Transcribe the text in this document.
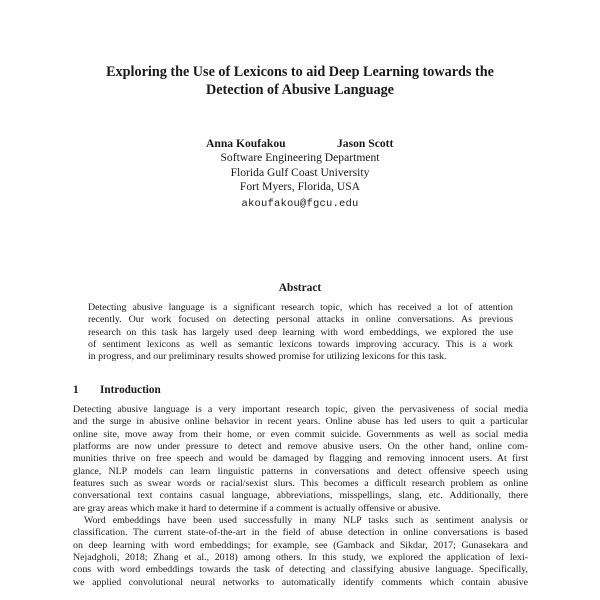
Exploring the Use of Lexicons to aid Deep Learning towards the
Detection of Abusive Language
Anna Koufakou	Jason Scott
Software Engineering Department
Florida Gulf Coast University
Fort Myers, Florida, USA
akoufakou@fgcu.edu
Abstract
Detecting abusive language is a significant research topic, which has received a lot of attention
recently. Our work focused on detecting personal attacks in online conversations. As previous
research on this task has largely used deep learning with word embeddings, we explored the use
of sentiment lexicons as well as semantic lexicons towards improving accuracy. This is a work
in progress, and our preliminary results showed promise for utilizing lexicons for this task.
1 Introduction
Detecting abusive language is a very important research topic, given the pervasiveness of social media
and the surge in abusive online behavior in recent years. Online abuse has led users to quit a particular
online site, move away from their home, or even commit suicide. Governments as well as social media
platforms are now under pressure to detect and remove abusive users. On the other hand, online com-
munities thrive on free speech and would be damaged by flagging and removing innocent users. At first
glance, NLP models can learn linguistic patterns in conversations and detect offensive speech using
features such as swear words or racial/sexist slurs. This becomes a difficult research problem as online
conversational text contains casual language, abbreviations, misspellings, slang, etc. Additionally, there
are gray areas which make it hard to determine if a comment is actually offensive or abusive.
Word embeddings have been used successfully in many NLP tasks such as sentiment analysis or
classification. The current state-of-the-art in the field of abuse detection in online conversations is based
on deep learning with word embeddings; for example, see (Gamback and Sikdar, 2017; Gunasekara and
Nejadgholi, 2018; Zhang et al., 2018) among others. In this study, we explored the application of lexi-
cons with word embeddings towards the task of detecting and classifying abusive language. Specifically,
we applied convolutional neural networks to automatically identify comments which contain abusive
